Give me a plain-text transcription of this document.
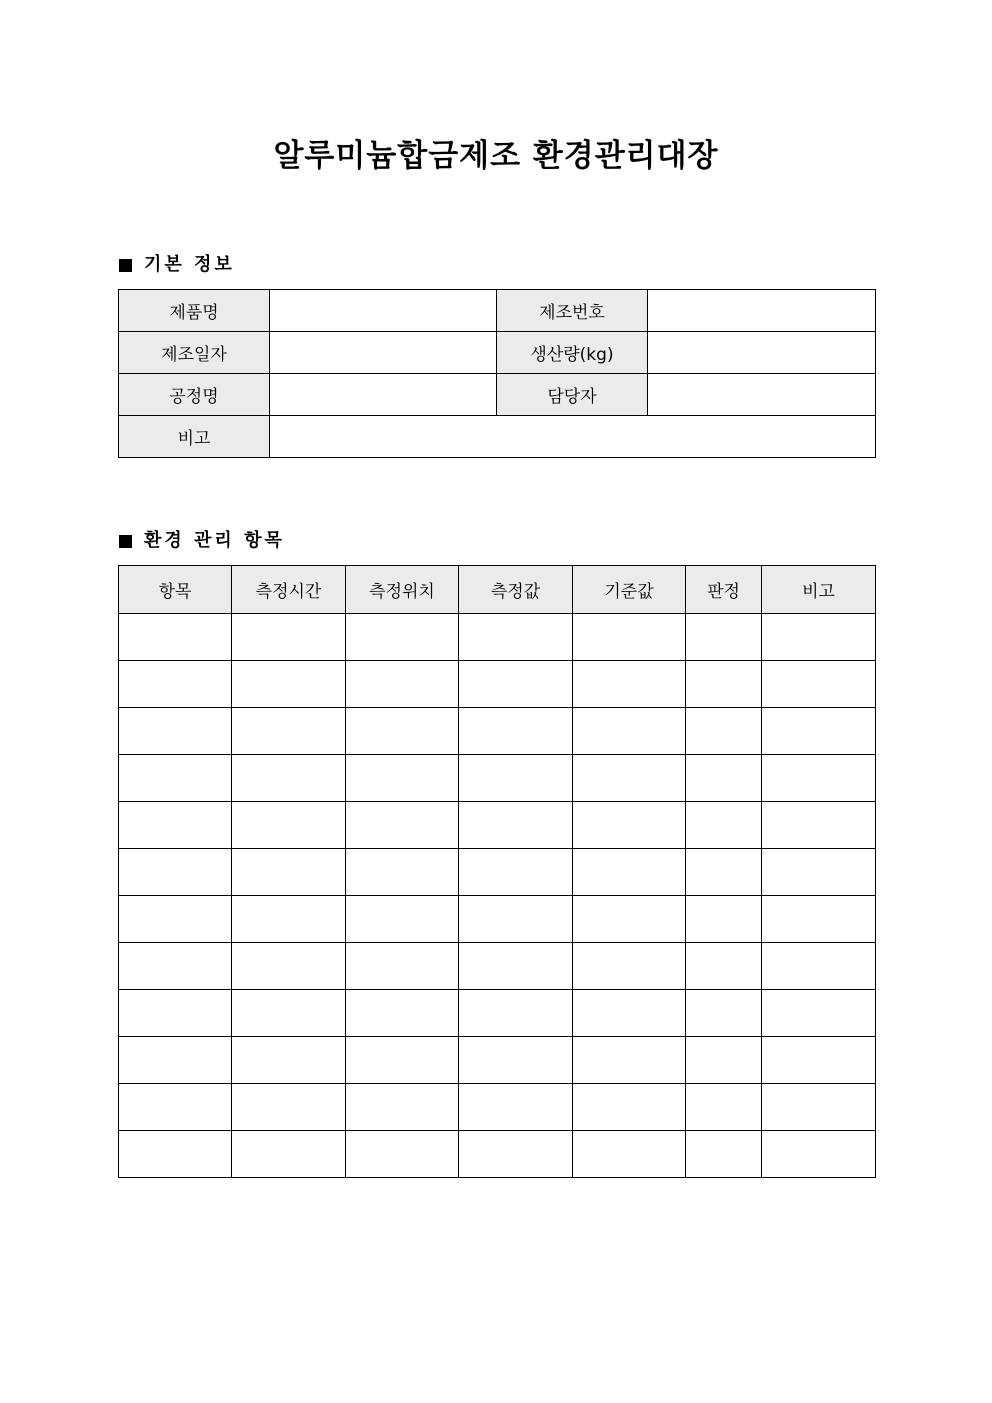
알루미늄합금제조 환경관리대장
기본 정보
제품명		제조번호	
제조일자		생산량(kg)	
공정명		담당자	
비고			
환경 관리 항목
항목	측정시간	측정위치	측정값	기준값	판정	비고
